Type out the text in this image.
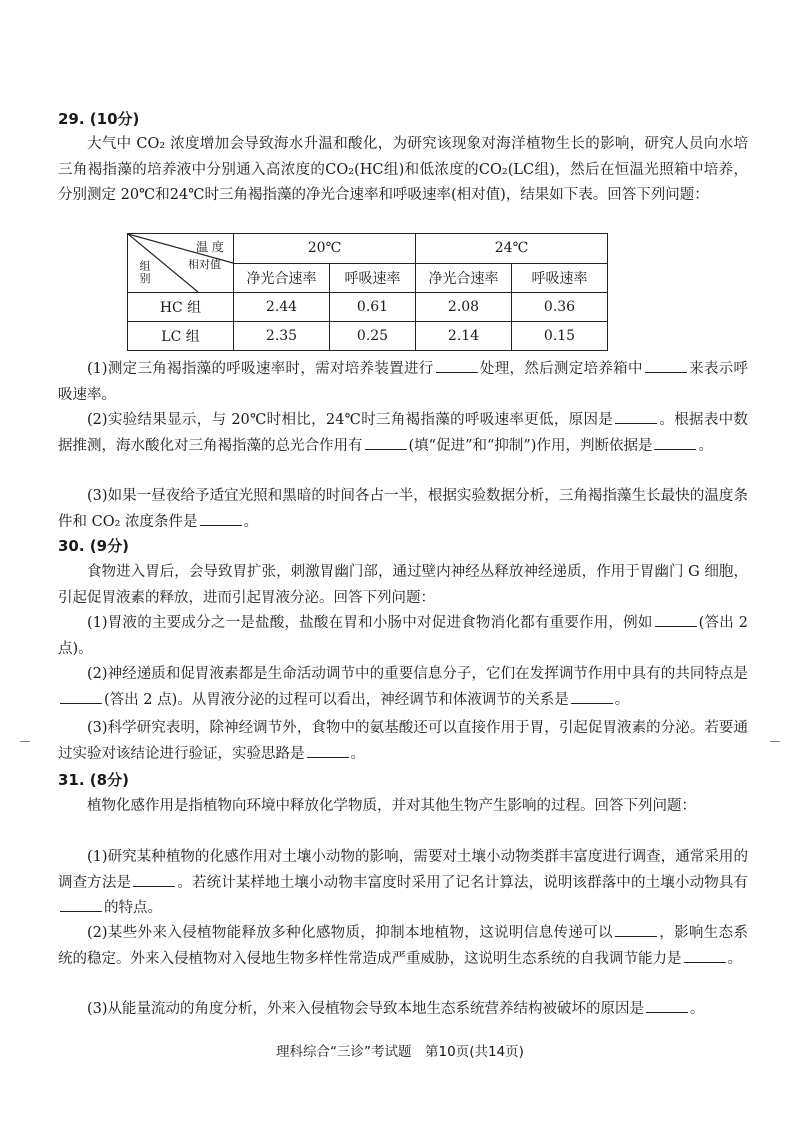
29. (10分)
大气中 CO₂ 浓度增加会导致海水升温和酸化，为研究该现象对海洋植物生长的影响，研究人员向水培三角褐指藻的培养液中分别通入高浓度的CO₂(HC组)和低浓度的CO₂(LC组)，然后在恒温光照箱中培养，分别测定 20℃和24℃时三角褐指藻的净光合速率和呼吸速率(相对值)，结果如下表。回答下列问题：
温 度
相对值
组 别	20℃		24℃	
	净光合速率	呼吸速率	净光合速率	呼吸速率
HC 组	2.44	0.61	2.08	0.36
LC 组	2.35	0.25	2.14	0.15
(1)测定三角褐指藻的呼吸速率时，需对培养装置进行	处理，然后测定培养箱中	来表示呼吸速率。
(2)实验结果显示，与 20℃时相比，24℃时三角褐指藻的呼吸速率更低，原因是	。根据表中数据推测，海水酸化对三角褐指藻的总光合作用有	(填“促进”和“抑制”)作用，判断依据是	。
(3)如果一昼夜给予适宜光照和黑暗的时间各占一半，根据实验数据分析，三角褐指藻生长最快的温度条件和 CO₂ 浓度条件是	。
30. (9分)
食物进入胃后，会导致胃扩张，刺激胃幽门部，通过壁内神经丛释放神经递质，作用于胃幽门 G 细胞，引起促胃液素的释放，进而引起胃液分泌。回答下列问题：
(1)胃液的主要成分之一是盐酸，盐酸在胃和小肠中对促进食物消化都有重要作用，例如	(答出 2 点)。
(2)神经递质和促胃液素都是生命活动调节中的重要信息分子，它们在发挥调节作用中具有的共同特点是(答出 2 点)。从胃液分泌的过程可以看出，神经调节和体液调节的关系是	。
(3)科学研究表明，除神经调节外，食物中的氨基酸还可以直接作用于胃，引起促胃液素的分泌。若要通过实验对该结论进行验证，实验思路是	。
31. (8分)
植物化感作用是指植物向环境中释放化学物质，并对其他生物产生影响的过程。回答下列问题：
(1)研究某种植物的化感作用对土壤小动物的影响，需要对土壤小动物类群丰富度进行调查，通常采用的调查方法是	。若统计某样地土壤小动物丰富度时采用了记名计算法，说明该群落中的土壤小动物具有的特点。
(2)某些外来入侵植物能释放多种化感物质，抑制本地植物，这说明信息传递可以	，影响生态系统的稳定。外来入侵植物对入侵地生物多样性常造成严重威胁，这说明生态系统的自我调节能力是	。
(3)从能量流动的角度分析，外来入侵植物会导致本地生态系统营养结构被破坏的原因是	。
理科综合“三诊”考试题　第10页(共14页)
